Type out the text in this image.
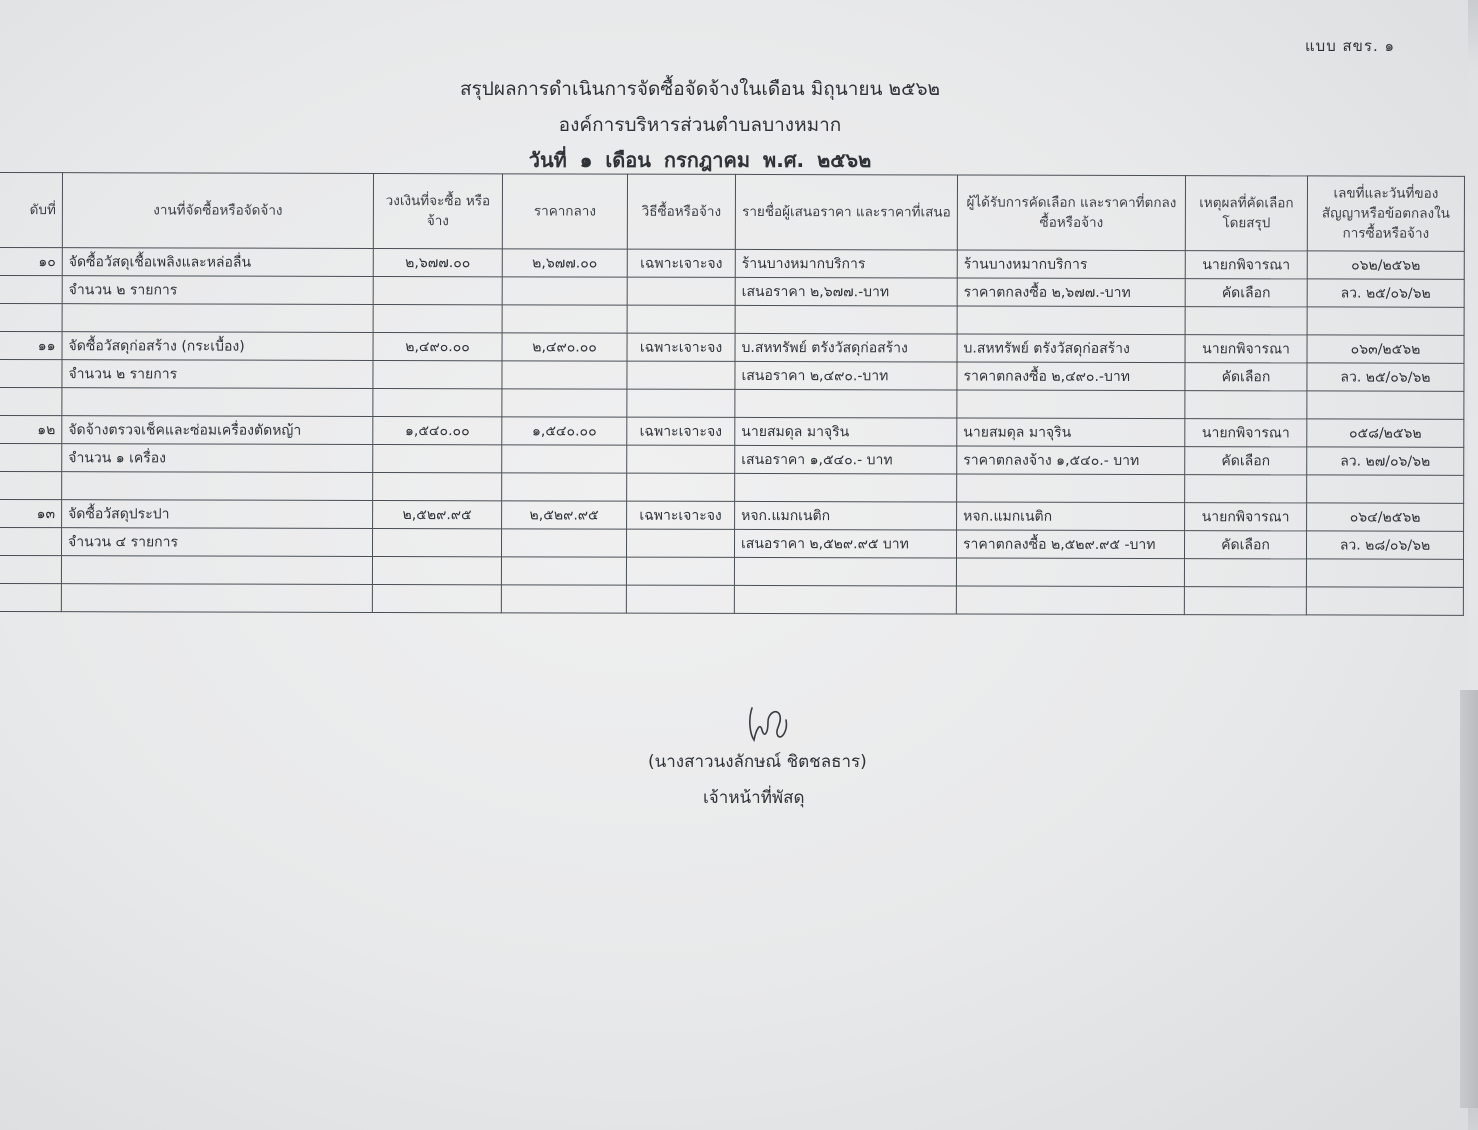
แบบ สขร. ๑
สรุปผลการดำเนินการจัดซื้อจัดจ้างในเดือน มิถุนายน ๒๕๖๒
องค์การบริหารส่วนตำบลบางหมาก
วันที่ ๑ เดือน กรกฎาคม พ.ศ. ๒๕๖๒
ดับที่	งานที่จัดซื้อหรือจัดจ้าง	วงเงินที่จะซื้อ หรือจ้าง	ราคากลาง	วิธีซื้อหรือจ้าง	รายชื่อผู้เสนอราคา และราคาที่เสนอ	ผู้ได้รับการคัดเลือก และราคาที่ตกลงซื้อหรือจ้าง	เหตุผลที่คัดเลือก โดยสรุป	เลขที่และวันที่ของ สัญญาหรือข้อตกลงใน การซื้อหรือจ้าง
๑๐	จัดซื้อวัสดุเชื้อเพลิงและหล่อลื่น	๒,๖๗๗.๐๐	๒,๖๗๗.๐๐	เฉพาะเจาะจง	ร้านบางหมากบริการ	ร้านบางหมากบริการ	นายกพิจารณา	๐๖๒/๒๕๖๒
	จำนวน ๒ รายการ				เสนอราคา ๒,๖๗๗.-บาท	ราคาตกลงซื้อ ๒,๖๗๗.-บาท	คัดเลือก	ลว. ๒๕/๐๖/๖๒

๑๑	จัดซื้อวัสดุก่อสร้าง (กระเบื้อง)	๒,๔๙๐.๐๐	๒,๔๙๐.๐๐	เฉพาะเจาะจง	บ.สหทรัพย์ ตรังวัสดุก่อสร้าง	บ.สหทรัพย์ ตรังวัสดุก่อสร้าง	นายกพิจารณา	๐๖๓/๒๕๖๒
	จำนวน ๒ รายการ				เสนอราคา ๒,๔๙๐.-บาท	ราคาตกลงซื้อ ๒,๔๙๐.-บาท	คัดเลือก	ลว. ๒๕/๐๖/๖๒

๑๒	จัดจ้างตรวจเช็คและซ่อมเครื่องตัดหญ้า	๑,๕๔๐.๐๐	๑,๕๔๐.๐๐	เฉพาะเจาะจง	นายสมดุล มาจุริน	นายสมดุล มาจุริน	นายกพิจารณา	๐๕๘/๒๕๖๒
	จำนวน ๑ เครื่อง				เสนอราคา ๑,๕๔๐.- บาท	ราคาตกลงจ้าง ๑,๕๔๐.- บาท	คัดเลือก	ลว. ๒๗/๐๖/๖๒

๑๓	จัดซื้อวัสดุประปา	๒,๕๒๙.๙๕	๒,๕๒๙.๙๕	เฉพาะเจาะจง	หจก.แมกเนติก	หจก.แมกเนติก	นายกพิจารณา	๐๖๔/๒๕๖๒
	จำนวน ๔ รายการ				เสนอราคา ๒,๕๒๙.๙๕ บาท	ราคาตกลงซื้อ ๒,๕๒๙.๙๕ -บาท	คัดเลือก	ลว. ๒๘/๐๖/๖๒

(นางสาวนงลักษณ์ ชิตชลธาร)
เจ้าหน้าที่พัสดุ
